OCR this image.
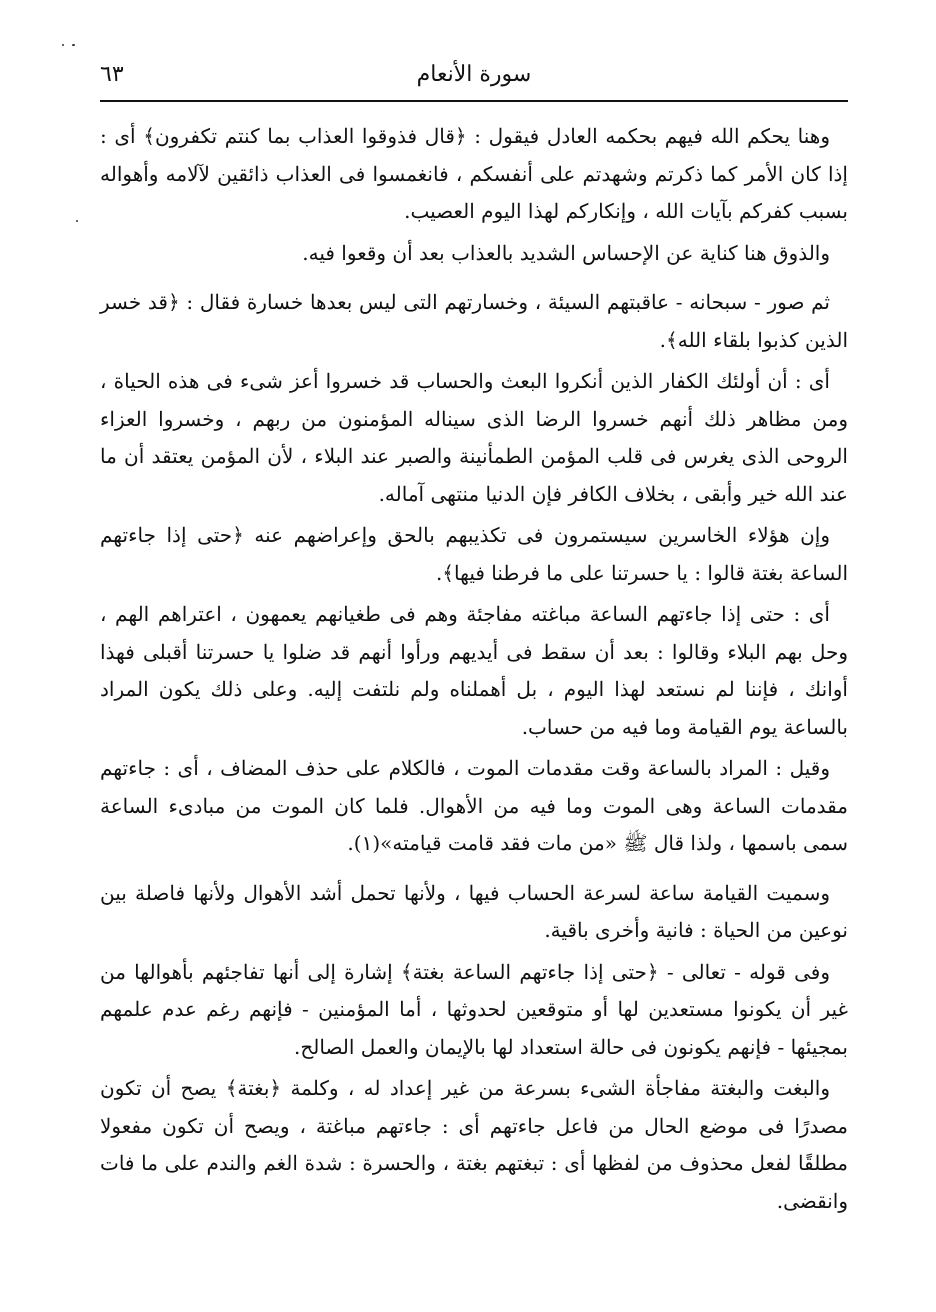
سورة الأنعام
٦٣

وهنا يحكم الله فيهم بحكمه العادل فيقول : ﴿قال فذوقوا العذاب بما كنتم تكفرون﴾ أى : إذا كان الأمر كما ذكرتم وشهدتم على أنفسكم ، فانغمسوا فى العذاب ذائقين لآلامه وأهواله بسبب كفركم بآيات الله ، وإنكاركم لهذا اليوم العصيب.

والذوق هنا كناية عن الإحساس الشديد بالعذاب بعد أن وقعوا فيه.

ثم صور - سبحانه - عاقبتهم السيئة ، وخسارتهم التى ليس بعدها خسارة فقال : ﴿قد خسر الذين كذبوا بلقاء الله﴾.

أى : أن أولئك الكفار الذين أنكروا البعث والحساب قد خسروا أعز شىء فى هذه الحياة ، ومن مظاهر ذلك أنهم خسروا الرضا الذى سيناله المؤمنون من ربهم ، وخسروا العزاء الروحى الذى يغرس فى قلب المؤمن الطمأنينة والصبر عند البلاء ، لأن المؤمن يعتقد أن ما عند الله خير وأبقى ، بخلاف الكافر فإن الدنيا منتهى آماله.

وإن هؤلاء الخاسرين سيستمرون فى تكذيبهم بالحق وإعراضهم عنه ﴿حتى إذا جاءتهم الساعة بغتة قالوا : يا حسرتنا على ما فرطنا فيها﴾.

أى : حتى إذا جاءتهم الساعة مباغته مفاجئة وهم فى طغيانهم يعمهون ، اعتراهم الهم ، وحل بهم البلاء وقالوا : بعد أن سقط فى أيديهم ورأوا أنهم قد ضلوا يا حسرتنا أقبلى فهذا أوانك ، فإننا لم نستعد لهذا اليوم ، بل أهملناه ولم نلتفت إليه. وعلى ذلك يكون المراد بالساعة يوم القيامة وما فيه من حساب.

وقيل : المراد بالساعة وقت مقدمات الموت ، فالكلام على حذف المضاف ، أى : جاءتهم مقدمات الساعة وهى الموت وما فيه من الأهوال. فلما كان الموت من مبادىء الساعة سمى باسمها ، ولذا قال ﷺ «من مات فقد قامت قيامته»(١).

وسميت القيامة ساعة لسرعة الحساب فيها ، ولأنها تحمل أشد الأهوال ولأنها فاصلة بين نوعين من الحياة : فانية وأخرى باقية.

وفى قوله - تعالى - ﴿حتى إذا جاءتهم الساعة بغتة﴾ إشارة إلى أنها تفاجئهم بأهوالها من غير أن يكونوا مستعدين لها أو متوقعين لحدوثها ، أما المؤمنين - فإنهم رغم عدم علمهم بمجيئها - فإنهم يكونون فى حالة استعداد لها بالإيمان والعمل الصالح.

والبغت والبغتة مفاجأة الشىء بسرعة من غير إعداد له ، وكلمة ﴿بغتة﴾ يصح أن تكون مصدرًا فى موضع الحال من فاعل جاءتهم أى : جاءتهم مباغتة ، ويصح أن تكون مفعولا مطلقًا لفعل محذوف من لفظها أى : تبغتهم بغتة ، والحسرة : شدة الغم والندم على ما فات وانقضى.
